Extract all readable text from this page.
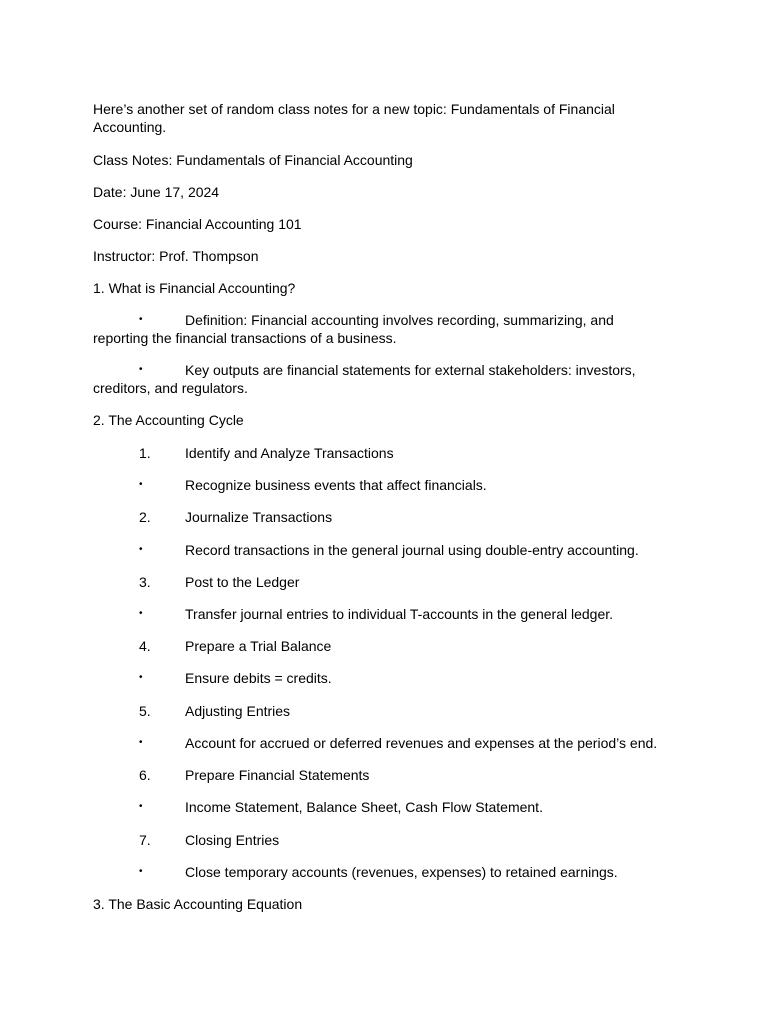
Here’s another set of random class notes for a new topic: Fundamentals of Financial Accounting.

Class Notes: Fundamentals of Financial Accounting

Date: June 17, 2024

Course: Financial Accounting 101

Instructor: Prof. Thompson

1. What is Financial Accounting?

•	Definition: Financial accounting involves recording, summarizing, and reporting the financial transactions of a business.

•	Key outputs are financial statements for external stakeholders: investors, creditors, and regulators.

2. The Accounting Cycle

1. Identify and Analyze Transactions
•	Recognize business events that affect financials.
2. Journalize Transactions
•	Record transactions in the general journal using double-entry accounting.
3. Post to the Ledger
•	Transfer journal entries to individual T-accounts in the general ledger.
4. Prepare a Trial Balance
•	Ensure debits = credits.
5. Adjusting Entries
•	Account for accrued or deferred revenues and expenses at the period’s end.
6. Prepare Financial Statements
•	Income Statement, Balance Sheet, Cash Flow Statement.
7. Closing Entries
•	Close temporary accounts (revenues, expenses) to retained earnings.

3. The Basic Accounting Equation
